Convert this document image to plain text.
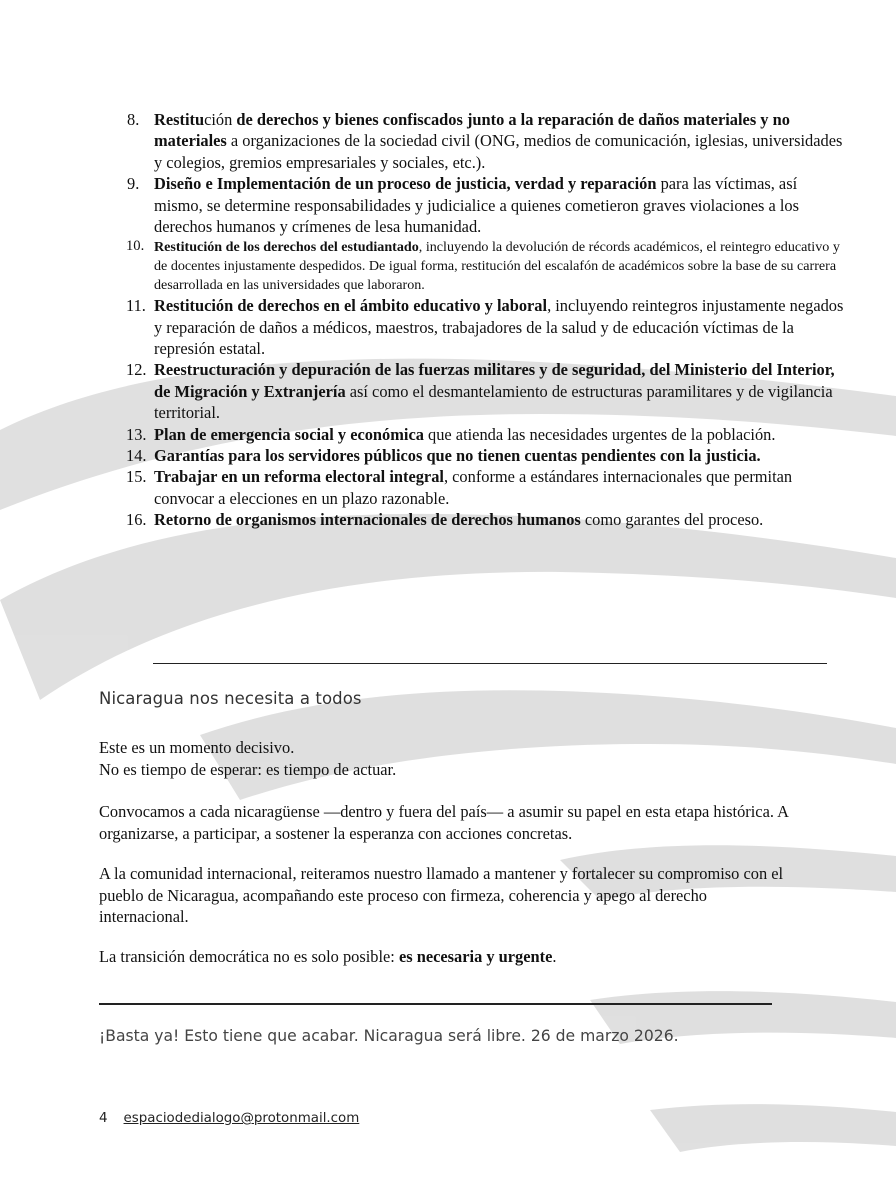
8. Restitución de derechos y bienes confiscados junto a la reparación de daños materiales y no materiales a organizaciones de la sociedad civil (ONG, medios de comunicación, iglesias, universidades y colegios, gremios empresariales y sociales, etc.).
9. Diseño e Implementación de un proceso de justicia, verdad y reparación para las víctimas, así mismo, se determine responsabilidades y judicialice a quienes cometieron graves violaciones a los derechos humanos y crímenes de lesa humanidad.
10. Restitución de los derechos del estudiantado, incluyendo la devolución de récords académicos, el reintegro educativo y de docentes injustamente despedidos. De igual forma, restitución del escalafón de académicos sobre la base de su carrera desarrollada en las universidades que laboraron.
11. Restitución de derechos en el ámbito educativo y laboral, incluyendo reintegros injustamente negados y reparación de daños a médicos, maestros, trabajadores de la salud y de educación víctimas de la represión estatal.
12. Reestructuración y depuración de las fuerzas militares y de seguridad, del Ministerio del Interior, de Migración y Extranjería así como el desmantelamiento de estructuras paramilitares y de vigilancia territorial.
13. Plan de emergencia social y económica que atienda las necesidades urgentes de la población.
14. Garantías para los servidores públicos que no tienen cuentas pendientes con la justicia.
15. Trabajar en un reforma electoral integral, conforme a estándares internacionales que permitan convocar a elecciones en un plazo razonable.
16. Retorno de organismos internacionales de derechos humanos como garantes del proceso.
Nicaragua nos necesita a todos

Este es un momento decisivo.
No es tiempo de esperar: es tiempo de actuar.

Convocamos a cada nicaragüense —dentro y fuera del país— a asumir su papel en esta etapa histórica. A organizarse, a participar, a sostener la esperanza con acciones concretas.

A la comunidad internacional, reiteramos nuestro llamado a mantener y fortalecer su compromiso con el pueblo de Nicaragua, acompañando este proceso con firmeza, coherencia y apego al derecho internacional.

La transición democrática no es solo posible: es necesaria y urgente.

¡Basta ya! Esto tiene que acabar. Nicaragua será libre. 26 de marzo 2026.

4 espaciodedialogo@protonmail.com
